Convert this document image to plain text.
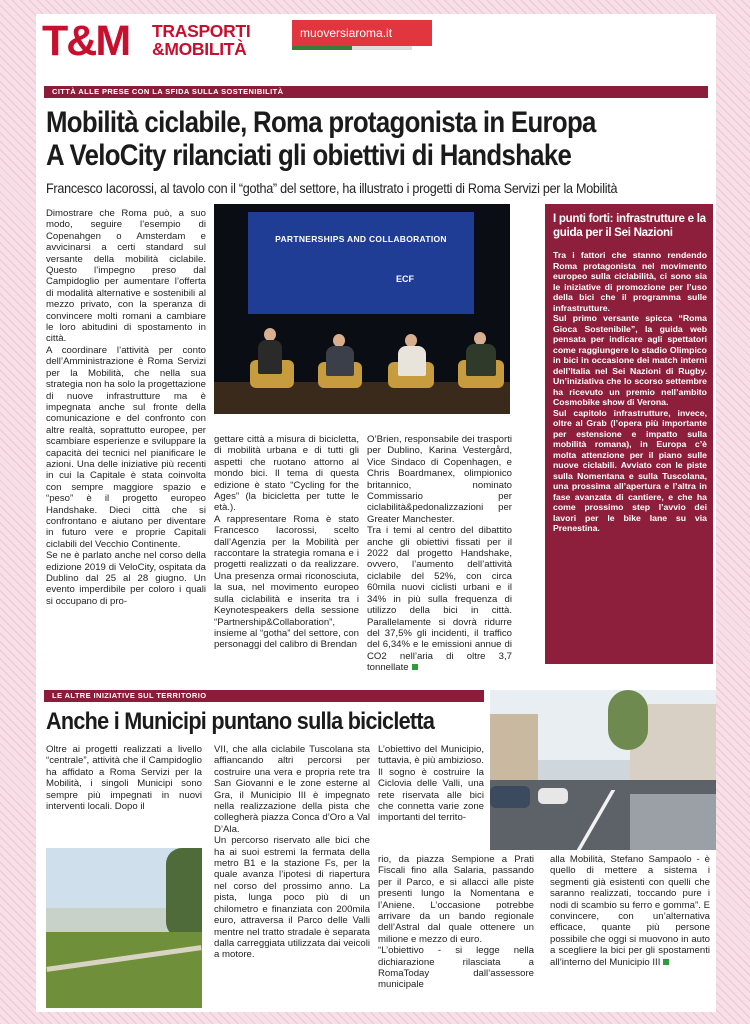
T&M TRASPORTI
&MOBILITÀ
muoversiaroma.it
CITTÀ ALLE PRESE CON LA SFIDA SULLA SOSTENIBILITÀ
Mobilità ciclabile, Roma protagonista in Europa
A VeloCity rilanciati gli obiettivi di Handshake
Francesco Iacorossi, al tavolo con il “gotha” del settore, ha illustrato i progetti di Roma Servizi per la Mobilità

Dimostrare che Roma può, a suo modo, seguire l’esempio di Copenahgen o Amsterdam e avvicinarsi a certi standard sul versante della mobilità ciclabile. Questo l’impegno preso dal Campidoglio per aumentare l’offerta di modalità alternative e sostenibili al mezzo privato, con la speranza di convincere molti romani a cambiare le loro abitudini di spostamento in città.

A coordinare l’attività per conto dell’Amministrazione è Roma Servizi per la Mobilità, che nella sua strategia non ha solo la progettazione di nuove infrastrutture ma è impegnata anche sul fronte della comunicazione e del confronto con altre realtà, soprattutto europee, per scambiare esperienze e sviluppare la capacità dei tecnici nel pianificare le azioni. Una delle iniziative più recenti in cui la Capitale è stata coinvolta con sempre maggiore spazio e “peso” è il progetto europeo Handshake. Dieci città che si confrontano e aiutano per diventare in futuro vere e proprie Capitali ciclabili del Vecchio Continente.

Se ne è parlato anche nel corso della edizione 2019 di VeloCity, ospitata da Dublino dal 25 al 28 giugno. Un evento imperdibile per coloro i quali si occupano di pro-

PARTNERSHIPS AND COLLABORATION
ECF

gettare città a misura di bicicletta, di mobilità urbana e di tutti gli aspetti che ruotano attorno al mondo bici. Il tema di questa edizione è stato “Cycling for the Ages” (la bicicletta per tutte le età.).

A rappresentare Roma è stato Francesco Iacorossi, scelto dall’Agenzia per la Mobilità per raccontare la strategia romana e i progetti realizzati o da realizzare. Una presenza ormai riconosciuta, la sua, nel movimento europeo sulla ciclabilità e inserita tra i Keynotespeakers della sessione “Partnership&Collaboration”, insieme al “gotha” del settore, con personaggi del calibro di Brendan

O’Brien, responsabile dei trasporti per Dublino, Karina Vestergård, Vice Sindaco di Copenhagen, e Chris Boardmanex, olimpionico britannico, nominato Commissario per ciclabilità&pedonalizzazioni per Greater Manchester.

Tra i temi al centro del dibattito anche gli obiettivi fissati per il 2022 dal progetto Handshake, ovvero, l’aumento dell’attività ciclabile del 52%, con circa 60mila nuovi ciclisti urbani e il 34% in più sulla frequenza di utilizzo della bici in città. Parallelamente si dovrà ridurre del 37,5% gli incidenti, il traffico del 6,34% e le emissioni annue di CO2 nell’aria di oltre 3,7 tonnellate

I punti forti: infrastrutture e la guida per il Sei Nazioni

Tra i fattori che stanno rendendo Roma protagonista nel movimento europeo sulla ciclabilità, ci sono sia le iniziative di promozione per l’uso della bici che il programma sulle infrastrutture.

Sul primo versante spicca “Roma Gioca Sostenibile”, la guida web pensata per indicare agli spettatori come raggiungere lo stadio Olimpico in bici in occasione dei match interni dell’Italia nel Sei Nazioni di Rugby. Un’iniziativa che lo scorso settembre ha ricevuto un premio nell’ambito Cosmobike show di Verona.

Sul capitolo infrastrutture, invece, oltre al Grab (l’opera più importante per estensione e impatto sulla mobilità romana), in Europa c’è molta attenzione per il piano sulle nuove ciclabili. Avviato con le piste sulla Nomentana e sulla Tuscolana, una prossima all’apertura e l’altra in fase avanzata di cantiere, e che ha come prossimo step l’avvio dei lavori per le bike lane su via Prenestina.

LE ALTRE INIZIATIVE SUL TERRITORIO
Anche i Municipi puntano sulla bicicletta

Oltre ai progetti realizzati a livello “centrale”, attività che il Campidoglio ha affidato a Roma Servizi per la Mobilità, i singoli Municipi sono sempre più impegnati in nuovi interventi locali. Dopo il

VII, che alla ciclabile Tuscolana sta affiancando altri percorsi per costruire una vera e propria rete tra San Giovanni e le zone esterne al Gra, il Municipio III è impegnato nella realizzazione della pista che collegherà piazza Conca d’Oro a Val D’Ala.

Un percorso riservato alle bici che ha ai suoi estremi la fermata della metro B1 e la stazione Fs, per la quale avanza l’ipotesi di riapertura nel corso del prossimo anno. La pista, lunga poco più di un chilometro e finanziata con 200mila euro, attraversa il Parco delle Valli mentre nel tratto stradale è separata dalla carreggiata utilizzata dai veicoli a motore.

L’obiettivo del Municipio, tuttavia, è più ambizioso. Il sogno è costruire la Ciclovia delle Valli, una rete riservata alle bici che connetta varie zone importanti del territo-

rio, da piazza Sempione a Prati Fiscali fino alla Salaria, passando per il Parco, e si allacci alle piste presenti lungo la Nomentana e l’Aniene. L’occasione potrebbe arrivare da un bando regionale dell’Astral dal quale ottenere un milione e mezzo di euro.

“L’obiettivo - si legge nella dichiarazione rilasciata a RomaToday dall’assessore municipale

alla Mobilità, Stefano Sampaolo - è quello di mettere a sistema i segmenti già esistenti con quelli che saranno realizzati, toccando pure i nodi di scambio su ferro e gomma”. E convincere, con un’alternativa efficace, quante più persone possibile che oggi si muovono in auto a scegliere la bici per gli spostamenti all’interno del Municipio III
